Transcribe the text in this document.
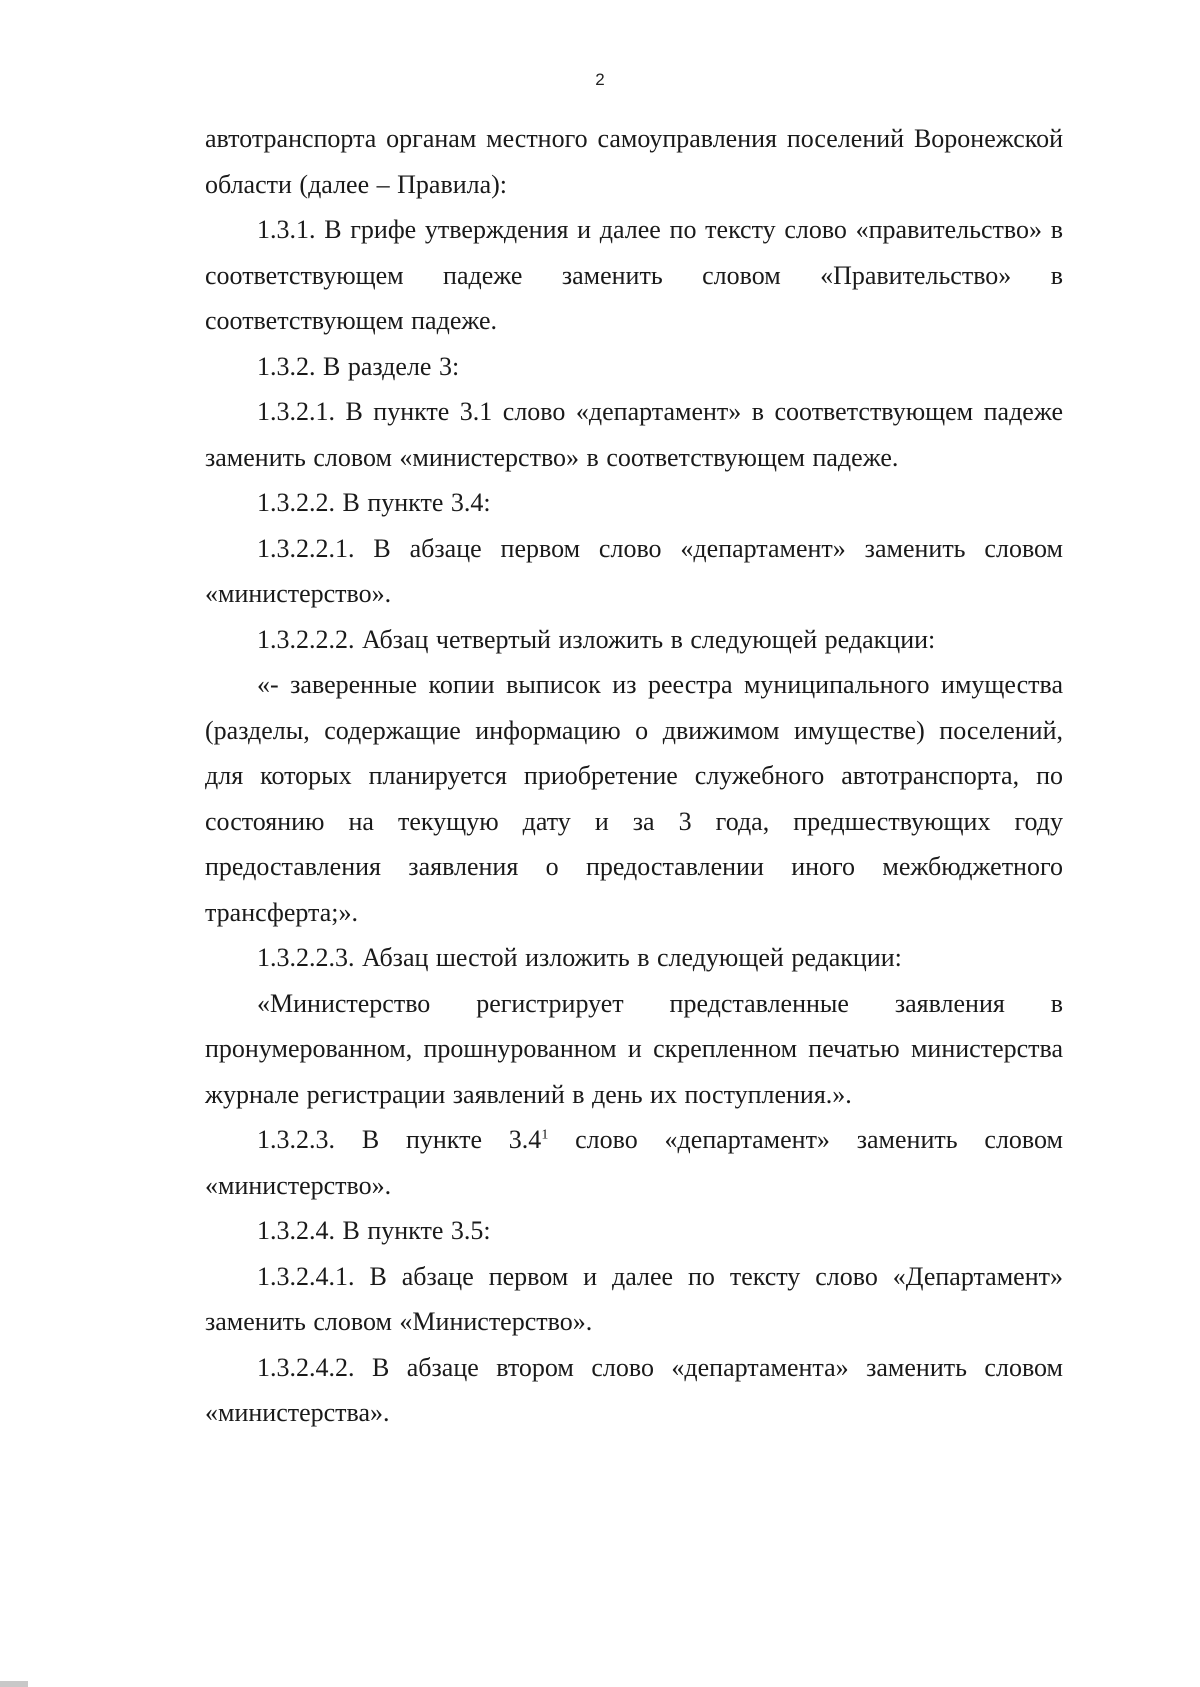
2

автотранспорта органам местного самоуправления поселений Воронежской области (далее – Правила):

1.3.1. В грифе утверждения и далее по тексту слово «правительство» в соответствующем падеже заменить словом «Правительство» в соответствующем падеже.

1.3.2. В разделе 3:

1.3.2.1. В пункте 3.1 слово «департамент» в соответствующем падеже заменить словом «министерство» в соответствующем падеже.

1.3.2.2. В пункте 3.4:

1.3.2.2.1. В абзаце первом слово «департамент» заменить словом «министерство».

1.3.2.2.2. Абзац четвертый изложить в следующей редакции:

«- заверенные копии выписок из реестра муниципального имущества (разделы, содержащие информацию о движимом имуществе) поселений, для которых планируется приобретение служебного автотранспорта, по состоянию на текущую дату и за 3 года, предшествующих году предоставления заявления о предоставлении иного межбюджетного трансферта;».

1.3.2.2.3. Абзац шестой изложить в следующей редакции:

«Министерство регистрирует представленные заявления в пронумерованном, прошнурованном и скрепленном печатью министерства журнале регистрации заявлений в день их поступления.».

1.3.2.3. В пункте $3.4^1$ слово «департамент» заменить словом «министерство».

1.3.2.4. В пункте 3.5:

1.3.2.4.1. В абзаце первом и далее по тексту слово «Департамент» заменить словом «Министерство».

1.3.2.4.2. В абзаце втором слово «департамента» заменить словом «министерства».
